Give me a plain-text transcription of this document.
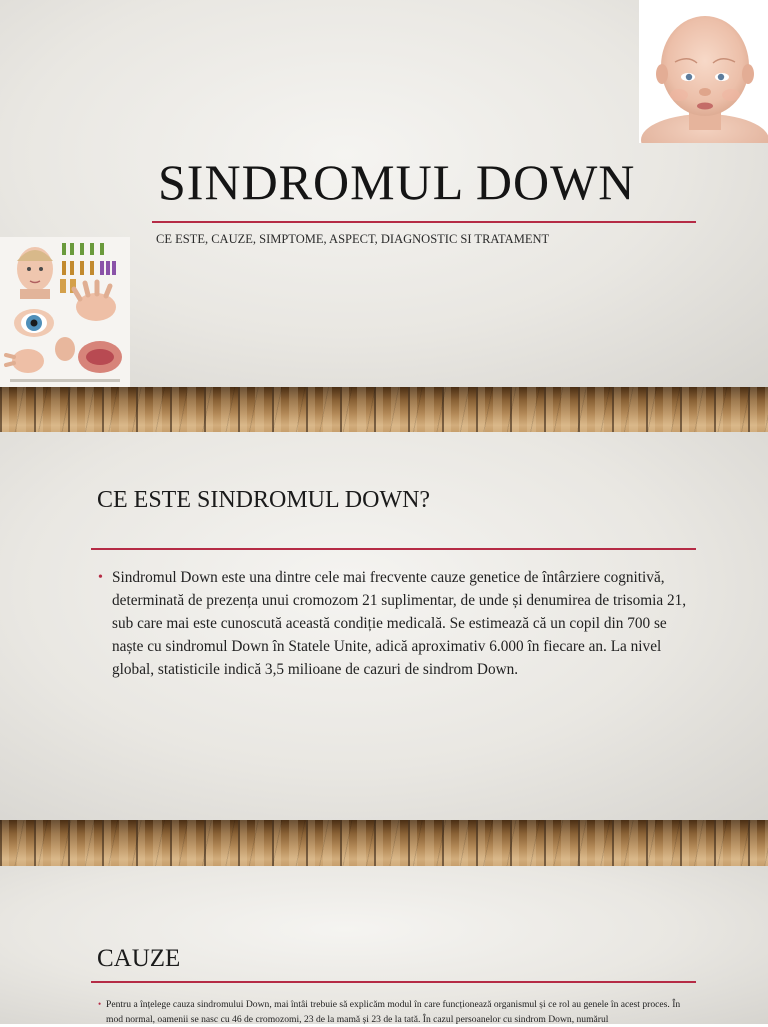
SINDROMUL DOWN
CE ESTE, CAUZE, SIMPTOME, ASPECT, DIAGNOSTIC SI TRATAMENT
CE ESTE SINDROMUL DOWN?
• Sindromul Down este una dintre cele mai frecvente cauze genetice de întârziere cognitivă, determinată de prezența unui cromozom 21 suplimentar, de unde și denumirea de trisomia 21, sub care mai este cunoscută această condiție medicală. Se estimează că un copil din 700 se naște cu sindromul Down în Statele Unite, adică aproximativ 6.000 în fiecare an. La nivel global, statisticile indică 3,5 milioane de cazuri de sindrom Down.
CAUZE
• Pentru a înțelege cauza sindromului Down, mai întâi trebuie să explicăm modul în care funcționează organismul și ce rol au genele în acest proces. În mod normal, oamenii se nasc cu 46 de cromozomi, 23 de la mamă și 23 de la tată. În cazul persoanelor cu sindrom Down, numărul
